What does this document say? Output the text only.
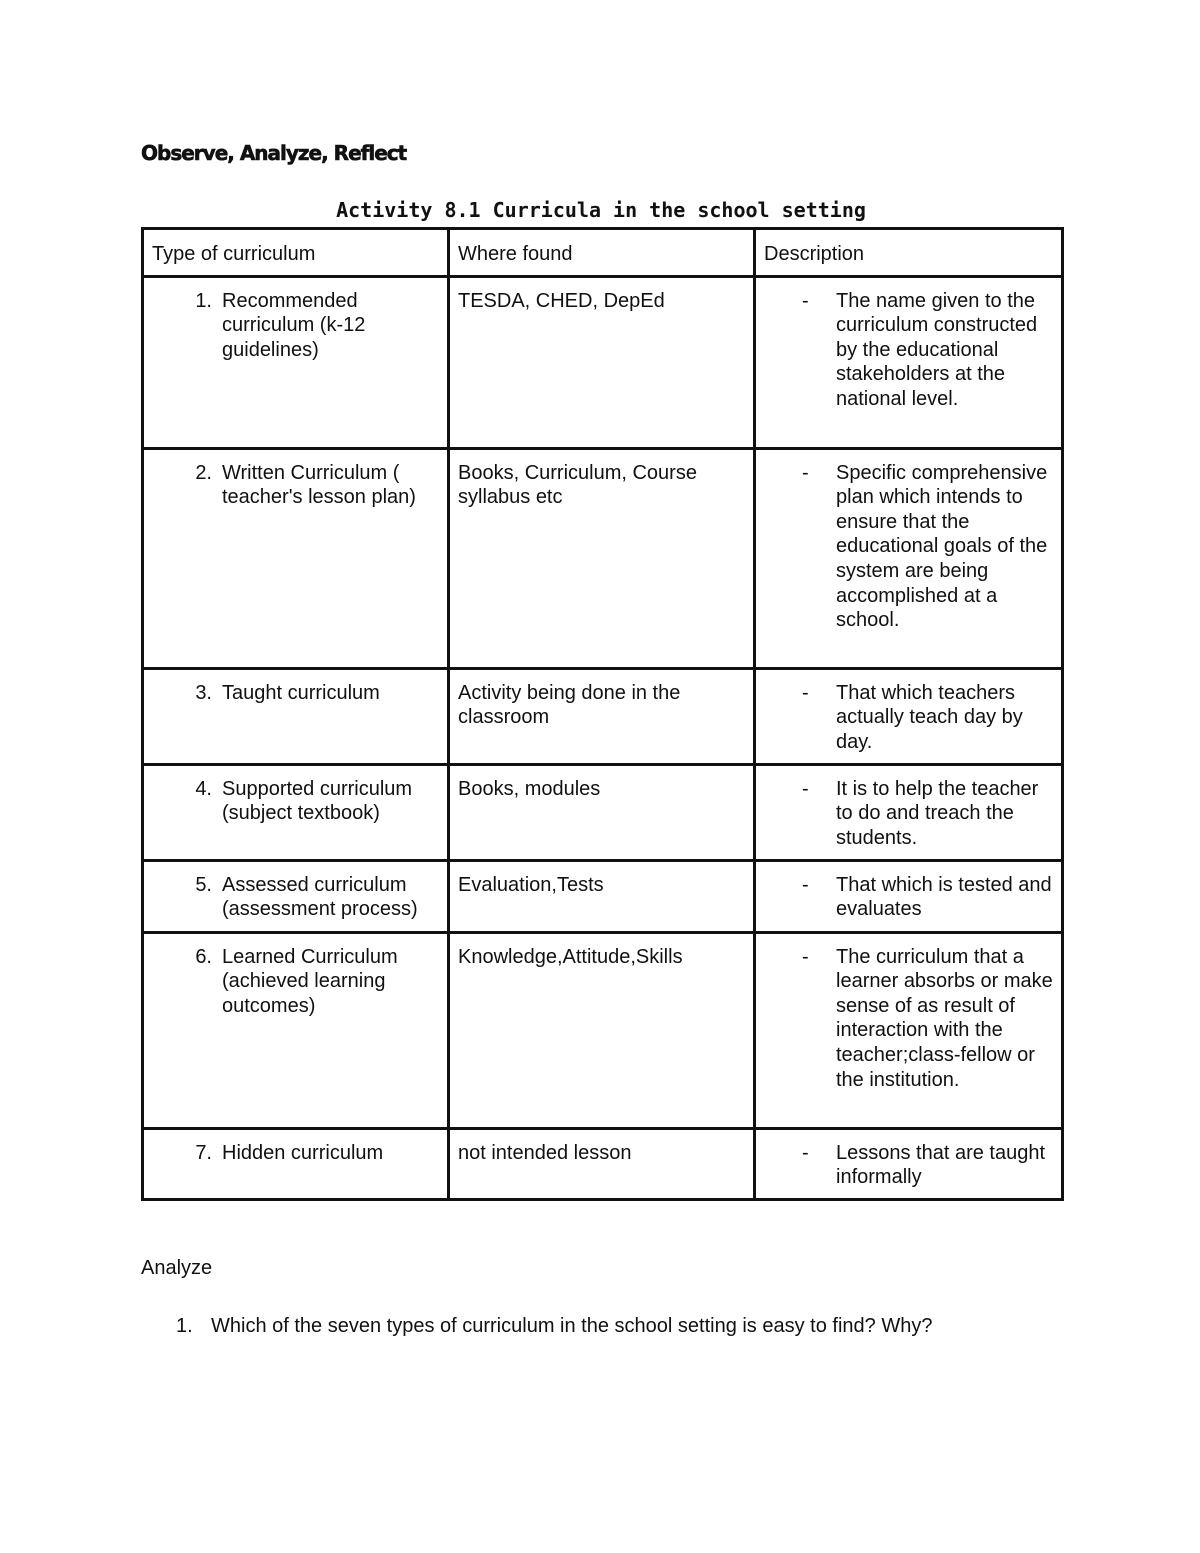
Observe, Analyze, Reflect
Activity 8.1 Curricula in the school setting
Type of curriculum	Where found	Description

1. Recommended curriculum (k-12 guidelines)	TESDA, CHED, DepEd	- The name given to the curriculum constructed by the educational stakeholders at the national level.

2. Written Curriculum ( teacher's lesson plan)	Books, Curriculum, Course syllabus etc	- Specific comprehensive plan which intends to ensure that the educational goals of the system are being accomplished at a school.

3. Taught curriculum	Activity being done in the classroom	- That which teachers actually teach day by day.

4. Supported curriculum (subject textbook)	Books, modules	- It is to help the teacher to do and treach the students.

5. Assessed curriculum (assessment process)	Evaluation,Tests	- That which is tested and evaluates

6. Learned Curriculum (achieved learning outcomes)	Knowledge,Attitude,Skills	- The curriculum that a learner absorbs or make sense of as result of interaction with the teacher;class-fellow or the institution.

7. Hidden curriculum	not intended lesson	- Lessons that are taught informally

Analyze

1. Which of the seven types of curriculum in the school setting is easy to find? Why?
